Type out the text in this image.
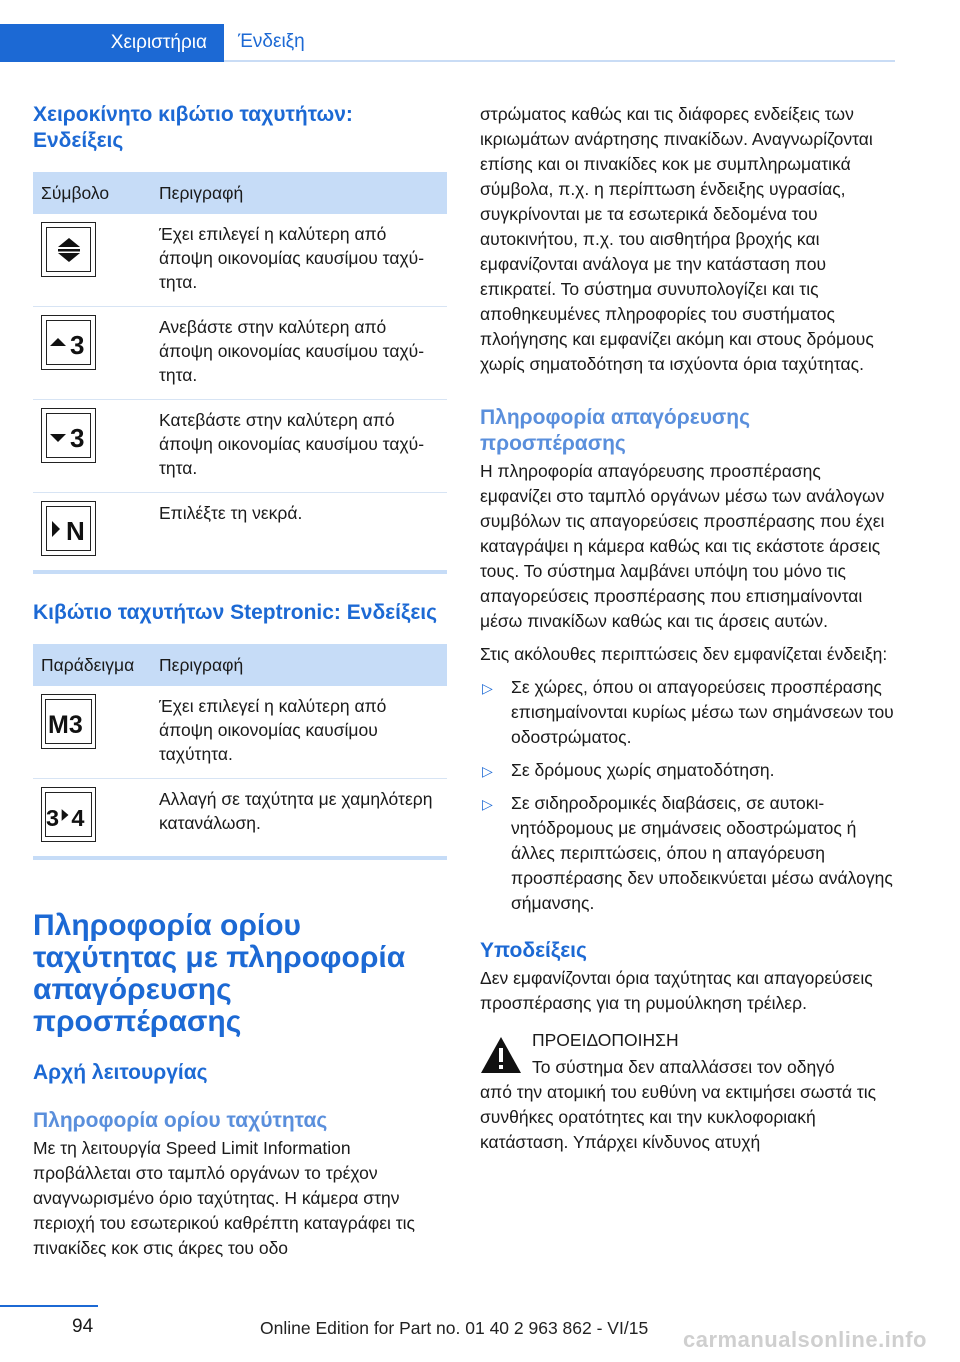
Χειριστήρια	Ένδειξη
Χειροκίνητο κιβώτιο ταχυτήτων: Ενδείξεις
Σύμβολο	Περιγραφή

	Έχει επιλεγεί η καλύτερη από άποψη οικονομίας καυσίμου ταχύτητα.

3	Ανεβάστε στην καλύτερη από άποψη οικονομίας καυσίμου ταχύτητα.

3	Κατεβάστε στην καλύτερη από άποψη οικονομίας καυσίμου ταχύτητα.

N	Επιλέξτε τη νεκρά.
Κιβώτιο ταχυτήτων Steptronic: Ενδείξεις
Παράδειγμα	Περιγραφή

M3	Έχει επιλεγεί η καλύτερη από άποψη οικονομίας καυσίμου ταχύτητα.

3 4	Αλλαγή σε ταχύτητα με χαμηλότερη κατανάλωση.
Πληροφορία ορίου ταχύτητας με πληροφορία απαγόρευσης προσπέρασης
Αρχή λειτουργίας
Πληροφορία ορίου ταχύτητας

Με τη λειτουργία Speed Limit Information προβάλλεται στο ταμπλό οργάνων το τρέχον αναγνωρισμένο όριο ταχύτητας. Η κάμερα στην περιοχή του εσωτερικού καθρέπτη καταγράφει τις πινακίδες κοκ στις άκρες του οδο

στρώματος καθώς και τις διάφορες ενδείξεις των ικριωμάτων ανάρτησης πινακίδων. Αναγνωρίζονται επίσης και οι πινακίδες κοκ με συμπληρωματικά σύμβολα, π.χ. η περίπτωση ένδειξης υγρασίας, συγκρίνονται με τα εσωτερικά δεδομένα του αυτοκινήτου, π.χ. του αισθητήρα βροχής και εμφανίζονται ανάλογα με την κατάσταση που επικρατεί. Το σύστημα συνυπολογίζει και τις αποθηκευμένες πληροφορίες του συστήματος πλοήγησης και εμφανίζει ακόμη και στους δρόμους χωρίς σηματοδότηση τα ισχύοντα όρια ταχύτητας.

Πληροφορία απαγόρευσης προσπέρασης

Η πληροφορία απαγόρευσης προσπέρασης εμφανίζει στο ταμπλό οργάνων μέσω των ανάλογων συμβόλων τις απαγορεύσεις προσπέρασης που έχει καταγράψει η κάμερα καθώς και τις εκάστοτε άρσεις τους. Το σύστημα λαμβάνει υπόψη του μόνο τις απαγορεύσεις προσπέρασης που επισημαίνονται μέσω πινακίδων καθώς και τις άρσεις αυτών.

Στις ακόλουθες περιπτώσεις δεν εμφανίζεται ένδειξη:

▷ Σε χώρες, όπου οι απαγορεύσεις προσπέρασης επισημαίνονται κυρίως μέσω των σημάνσεων του οδοστρώματος.
▷ Σε δρόμους χωρίς σηματοδότηση.
▷ Σε σιδηροδρομικές διαβάσεις, σε αυτοκινητόδρομους με σημάνσεις οδοστρώματος ή άλλες περιπτώσεις, όπου η απαγόρευση προσπέρασης δεν υποδεικνύεται μέσω ανάλογης σήμανσης.
Υποδείξεις

Δεν εμφανίζονται όρια ταχύτητας και απαγορεύσεις προσπέρασης για τη ρυμούλκηση τρέιλερ.

ΠΡΟΕΙΔΟΠΟΙΗΣΗ

Το σύστημα δεν απαλλάσσει τον οδηγό

από την ατομική του ευθύνη να εκτιμήσει σωστά τις συνθήκες ορατότητες και την κυκλοφοριακή κατάσταση. Υπάρχει κίνδυνος ατυχή

94	Online Edition for Part no. 01 40 2 963 862 - VI/15 carmanualsonline.info
